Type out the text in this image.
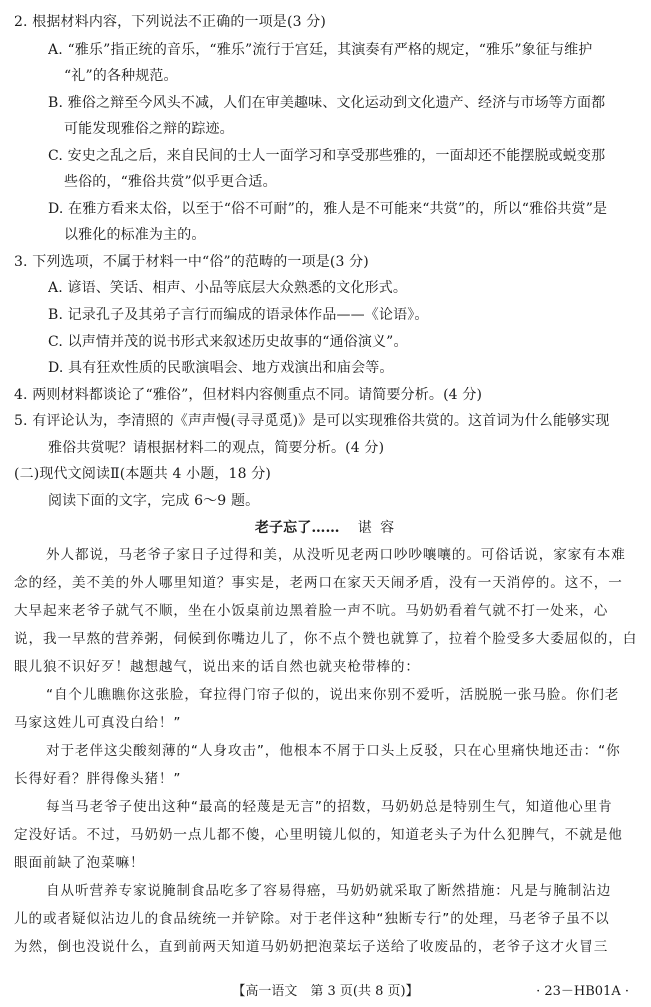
2. 根据材料内容，下列说法不正确的一项是(3 分)
A. “雅乐”指正统的音乐，“雅乐”流行于宫廷，其演奏有严格的规定，“雅乐”象征与维护
“礼”的各种规范。
B. 雅俗之辩至今风头不减，人们在审美趣味、文化运动到文化遗产、经济与市场等方面都
可能发现雅俗之辩的踪迹。
C. 安史之乱之后，来自民间的士人一面学习和享受那些雅的，一面却还不能摆脱或蜕变那
些俗的，“雅俗共赏”似乎更合适。
D. 在雅方看来太俗，以至于“俗不可耐”的，雅人是不可能来“共赏”的，所以“雅俗共赏”是
以雅化的标准为主的。
3. 下列选项，不属于材料一中“俗”的范畴的一项是(3 分)
A. 谚语、笑话、相声、小品等底层大众熟悉的文化形式。
B. 记录孔子及其弟子言行而编成的语录体作品——《论语》。
C. 以声情并茂的说书形式来叙述历史故事的“通俗演义”。
D. 具有狂欢性质的民歌演唱会、地方戏演出和庙会等。
4. 两则材料都谈论了“雅俗”，但材料内容侧重点不同。请简要分析。(4 分)
5. 有评论认为，李清照的《声声慢(寻寻觅觅)》是可以实现雅俗共赏的。这首词为什么能够实现
雅俗共赏呢？请根据材料二的观点，简要分析。(4 分)
(二)现代文阅读Ⅱ(本题共 4 小题，18 分)
阅读下面的文字，完成 6～9 题。
老子忘了…… 谌 容
外人都说，马老爷子家日子过得和美，从没听见老两口吵吵嚷嚷的。可俗话说，家家有本难
念的经，美不美的外人哪里知道？事实是，老两口在家天天闹矛盾，没有一天消停的。这不，一
大早起来老爷子就气不顺，坐在小饭桌前边黑着脸一声不吭。马奶奶看着气就不打一处来，心
说，我一早熬的营养粥，伺候到你嘴边儿了，你不点个赞也就算了，拉着个脸受多大委屈似的，白
眼儿狼不识好歹！越想越气，说出来的话自然也就夹枪带棒的：
“自个儿瞧瞧你这张脸，耷拉得门帘子似的，说出来你别不爱听，活脱脱一张马脸。你们老
马家这姓儿可真没白给！”
对于老伴这尖酸刻薄的“人身攻击”，他根本不屑于口头上反驳，只在心里痛快地还击：“你
长得好看？胖得像头猪！”
每当马老爷子使出这种“最高的轻蔑是无言”的招数，马奶奶总是特别生气，知道他心里肯
定没好话。不过，马奶奶一点儿都不傻，心里明镜儿似的，知道老头子为什么犯脾气，不就是他
眼面前缺了泡菜嘛！
自从听营养专家说腌制食品吃多了容易得癌，马奶奶就采取了断然措施：凡是与腌制沾边
儿的或者疑似沾边儿的食品统统一并铲除。对于老伴这种“独断专行”的处理，马老爷子虽不以
为然，倒也没说什么，直到前两天知道马奶奶把泡菜坛子送给了收废品的，老爷子这才火冒三
【高一语文　第 3 页(共 8 页)】	· 23－HB01A ·
